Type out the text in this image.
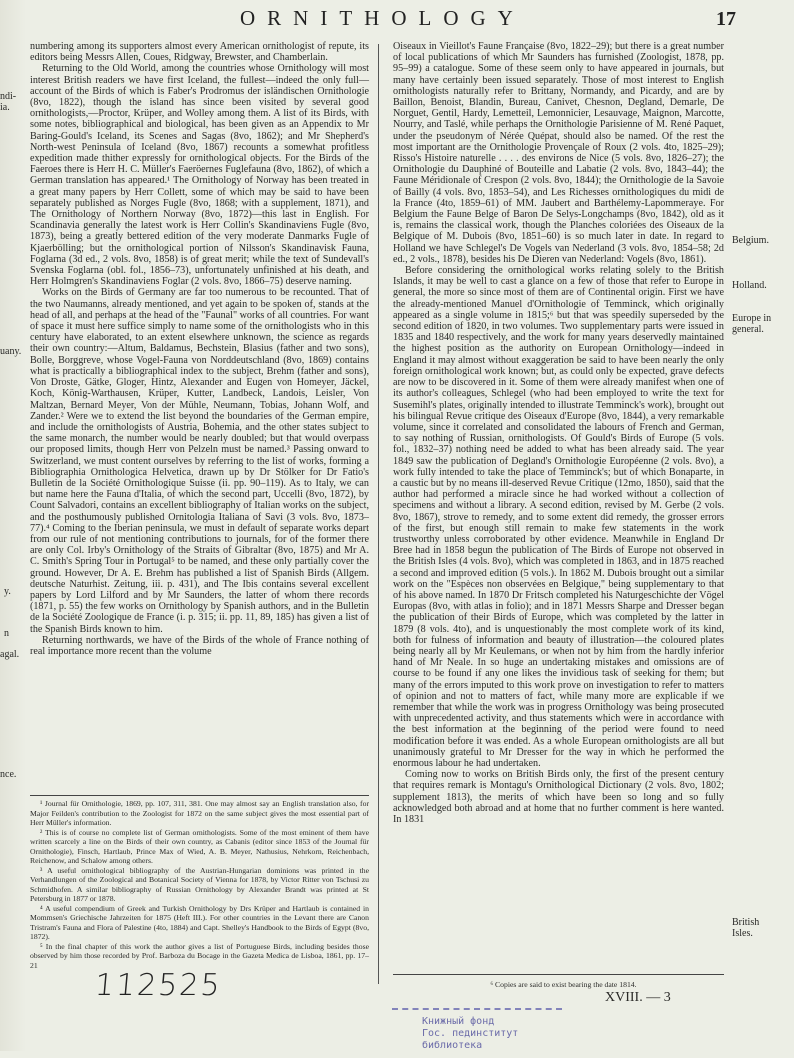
ORNITHOLOGY	17
ndi-
ia.
uany.
y.
n
agal.
nce.
Belgium.
Holland.
Europe in
general.
British
Isles.

numbering among its supporters almost every American ornithologist of repute, its editors being Messrs Allen, Coues, Ridgway, Brewster, and Chamberlain.

Returning to the Old World, among the countries whose Ornithology will most interest British readers we have first Iceland, the fullest—indeed the only full—account of the Birds of which is Faber's Prodromus der isländischen Ornithologie (8vo, 1822), though the island has since been visited by several good ornithologists,—Proctor, Krüper, and Wolley among them. A list of its Birds, with some notes, bibliographical and biological, has been given as an Appendix to Mr Baring-Gould's Iceland, its Scenes and Sagas (8vo, 1862); and Mr Shepherd's North-west Peninsula of Iceland (8vo, 1867) recounts a somewhat profitless expedition made thither expressly for ornithological objects. For the Birds of the Faeroes there is Herr H. C. Müller's Faeröernes Fuglefauna (8vo, 1862), of which a German translation has appeared.¹ The Ornithology of Norway has been treated in a great many papers by Herr Collett, some of which may be said to have been separately published as Norges Fugle (8vo, 1868; with a supplement, 1871), and The Ornithology of Northern Norway (8vo, 1872)—this last in English. For Scandinavia generally the latest work is Herr Collin's Skandinaviens Fugle (8vo, 1873), being a greatly bettered edition of the very moderate Danmarks Fugle of Kjaerbölling; but the ornithological portion of Nilsson's Skandinavisk Fauna, Foglarna (3d ed., 2 vols. 8vo, 1858) is of great merit; while the text of Sundevall's Svenska Foglarna (obl. fol., 1856–73), unfortunately unfinished at his death, and Herr Holmgren's Skandinaviens Foglar (2 vols. 8vo, 1866–75) deserve naming.

Works on the Birds of Germany are far too numerous to be recounted. That of the two Naumanns, already mentioned, and yet again to be spoken of, stands at the head of all, and perhaps at the head of the "Faunal" works of all countries. For want of space it must here suffice simply to name some of the ornithologists who in this century have elaborated, to an extent elsewhere unknown, the science as regards their own country:—Altum, Baldamus, Bechstein, Blasius (father and two sons), Bolle, Borggreve, whose Vogel-Fauna von Norddeutschland (8vo, 1869) contains what is practically a bibliographical index to the subject, Brehm (father and sons), Von Droste, Gätke, Gloger, Hintz, Alexander and Eugen von Homeyer, Jäckel, Koch, König-Warthausen, Krüper, Kutter, Landbeck, Landois, Leisler, Von Maltzan, Bernard Meyer, Von der Mühle, Neumann, Tobias, Johann Wolf, and Zander.² Were we to extend the list beyond the boundaries of the German empire, and include the ornithologists of Austria, Bohemia, and the other states subject to the same monarch, the number would be nearly doubled; but that would overpass our proposed limits, though Herr von Pelzeln must be named.³ Passing onward to Switzerland, we must content ourselves by referring to the list of works, forming a Bibliographia Ornithologica Helvetica, drawn up by Dr Stölker for Dr Fatio's Bulletin de la Société Ornithologique Suisse (ii. pp. 90–119). As to Italy, we can but name here the Fauna d'Italia, of which the second part, Uccelli (8vo, 1872), by Count Salvadori, contains an excellent bibliography of Italian works on the subject, and the posthumously published Ornitologia Italiana of Savi (3 vols. 8vo, 1873–77).⁴ Coming to the Iberian peninsula, we must in default of separate works depart from our rule of not mentioning contributions to journals, for of the former there are only Col. Irby's Ornithology of the Straits of Gibraltar (8vo, 1875) and Mr A. C. Smith's Spring Tour in Portugal⁵ to be named, and these only partially cover the ground. However, Dr A. E. Brehm has published a list of Spanish Birds (Allgem. deutsche Naturhist. Zeitung, iii. p. 431), and The Ibis contains several excellent papers by Lord Lilford and by Mr Saunders, the latter of whom there records (1871, p. 55) the few works on Ornithology by Spanish authors, and in the Bulletin de la Société Zoologique de France (i. p. 315; ii. pp. 11, 89, 185) has given a list of the Spanish Birds known to him.

Returning northwards, we have of the Birds of the whole of France nothing of real importance more recent than the volume

Oiseaux in Vieillot's Faune Française (8vo, 1822–29); but there is a great number of local publications of which Mr Saunders has furnished (Zoologist, 1878, pp. 95–99) a catalogue. Some of these seem only to have appeared in journals, but many have certainly been issued separately. Those of most interest to English ornithologists naturally refer to Brittany, Normandy, and Picardy, and are by Baillon, Benoist, Blandin, Bureau, Canivet, Chesnon, Degland, Demarle, De Norguet, Gentil, Hardy, Lemetteil, Lemonnicier, Lesauvage, Maignon, Marcotte, Nourry, and Taslé, while perhaps the Ornithologie Parisienne of M. René Paquet, under the pseudonym of Nérée Quépat, should also be named. Of the rest the most important are the Ornithologie Provençale of Roux (2 vols. 4to, 1825–29); Risso's Histoire naturelle . . . . des environs de Nice (5 vols. 8vo, 1826–27); the Ornithologie du Dauphiné of Bouteille and Labatie (2 vols. 8vo, 1843–44); the Faune Méridionale of Crespon (2 vols. 8vo, 1844); the Ornithologie de la Savoie of Bailly (4 vols. 8vo, 1853–54), and Les Richesses ornithologiques du midi de la France (4to, 1859–61) of MM. Jaubert and Barthélemy-Lapommeraye. For Belgium the Faune Belge of Baron De Selys-Longchamps (8vo, 1842), old as it is, remains the classical work, though the Planches coloriées des Oiseaux de la Belgique of M. Dubois (8vo, 1851–60) is so much later in date. In regard to Holland we have Schlegel's De Vogels van Nederland (3 vols. 8vo, 1854–58; 2d ed., 2 vols., 1878), besides his De Dieren van Nederland: Vogels (8vo, 1861).

Before considering the ornithological works relating solely to the British Islands, it may be well to cast a glance on a few of those that refer to Europe in general, the more so since most of them are of Continental origin. First we have the already-mentioned Manuel d'Ornithologie of Temminck, which originally appeared as a single volume in 1815;⁶ but that was speedily superseded by the second edition of 1820, in two volumes. Two supplementary parts were issued in 1835 and 1840 respectively, and the work for many years deservedly maintained the highest position as the authority on European Ornithology—indeed in England it may almost without exaggeration be said to have been nearly the only foreign ornithological work known; but, as could only be expected, grave defects are now to be discovered in it. Some of them were already manifest when one of its author's colleagues, Schlegel (who had been employed to write the text for Susemihl's plates, originally intended to illustrate Temminck's work), brought out his bilingual Revue critique des Oiseaux d'Europe (8vo, 1844), a very remarkable volume, since it correlated and consolidated the labours of French and German, to say nothing of Russian, ornithologists. Of Gould's Birds of Europe (5 vols. fol., 1832–37) nothing need be added to what has been already said. The year 1849 saw the publication of Degland's Ornithologie Européenne (2 vols. 8vo), a work fully intended to take the place of Temminck's; but of which Bonaparte, in a caustic but by no means ill-deserved Revue Critique (12mo, 1850), said that the author had performed a miracle since he had worked without a collection of specimens and without a library. A second edition, revised by M. Gerbe (2 vols. 8vo, 1867), strove to remedy, and to some extent did remedy, the grosser errors of the first, but enough still remain to make few statements in the work trustworthy unless corroborated by other evidence. Meanwhile in England Dr Bree had in 1858 begun the publication of The Birds of Europe not observed in the British Isles (4 vols. 8vo), which was completed in 1863, and in 1875 reached a second and improved edition (5 vols.). In 1862 M. Dubois brought out a similar work on the "Espèces non observées en Belgique," being supplementary to that of his above named. In 1870 Dr Fritsch completed his Naturgeschichte der Vögel Europas (8vo, with atlas in folio); and in 1871 Messrs Sharpe and Dresser began the publication of their Birds of Europe, which was completed by the latter in 1879 (8 vols. 4to), and is unquestionably the most complete work of its kind, both for fulness of information and beauty of illustration—the coloured plates being nearly all by Mr Keulemans, or when not by him from the hardly inferior hand of Mr Neale. In so huge an undertaking mistakes and omissions are of course to be found if any one likes the invidious task of seeking for them; but many of the errors imputed to this work prove on investigation to refer to matters of opinion and not to matters of fact, while many more are explicable if we remember that while the work was in progress Ornithology was being prosecuted with unprecedented activity, and thus statements which were in accordance with the best information at the beginning of the period were found to need modification before it was ended. As a whole European ornithologists are all but unanimously grateful to Mr Dresser for the way in which he performed the enormous labour he had undertaken.

Coming now to works on British Birds only, the first of the present century that requires remark is Montagu's Ornithological Dictionary (2 vols. 8vo, 1802; supplement 1813), the merits of which have been so long and so fully acknowledged both abroad and at home that no further comment is here wanted. In 1831

¹ Journal für Ornithologie, 1869, pp. 107, 311, 381. One may almost say an English translation also, for Major Feilden's contribution to the Zoologist for 1872 on the same subject gives the most essential part of Herr Müller's information.

² This is of course no complete list of German ornithologists. Some of the most eminent of them have written scarcely a line on the Birds of their own country, as Cabanis (editor since 1853 of the Journal für Ornithologie), Finsch, Hartlaub, Prince Max of Wied, A. B. Meyer, Nathusius, Nehrkorn, Reichenbach, Reichenow, and Schalow among others.

³ A useful ornithological bibliography of the Austrian-Hungarian dominions was printed in the Verhandlungen of the Zoological and Botanical Society of Vienna for 1878, by Victor Ritter von Tschusi zu Schmidhofen. A similar bibliography of Russian Ornithology by Alexander Brandt was printed at St Petersburg in 1877 or 1878.

⁴ A useful compendium of Greek and Turkish Ornithology by Drs Krüper and Hartlaub is contained in Mommsen's Griechische Jahrzeiten for 1875 (Heft III.). For other countries in the Levant there are Canon Tristram's Fauna and Flora of Palestine (4to, 1884) and Capt. Shelley's Handbook to the Birds of Egypt (8vo, 1872).

⁵ In the final chapter of this work the author gives a list of Portuguese Birds, including besides those observed by him those recorded by Prof. Barboza du Bocage in the Gazeta Medica de Lisboa, 1861, pp. 17–21

⁶ Copies are said to exist bearing the date 1814.

XVIII. — 3
112525
Книжный фонд
Гос. пединститут
библиотека
